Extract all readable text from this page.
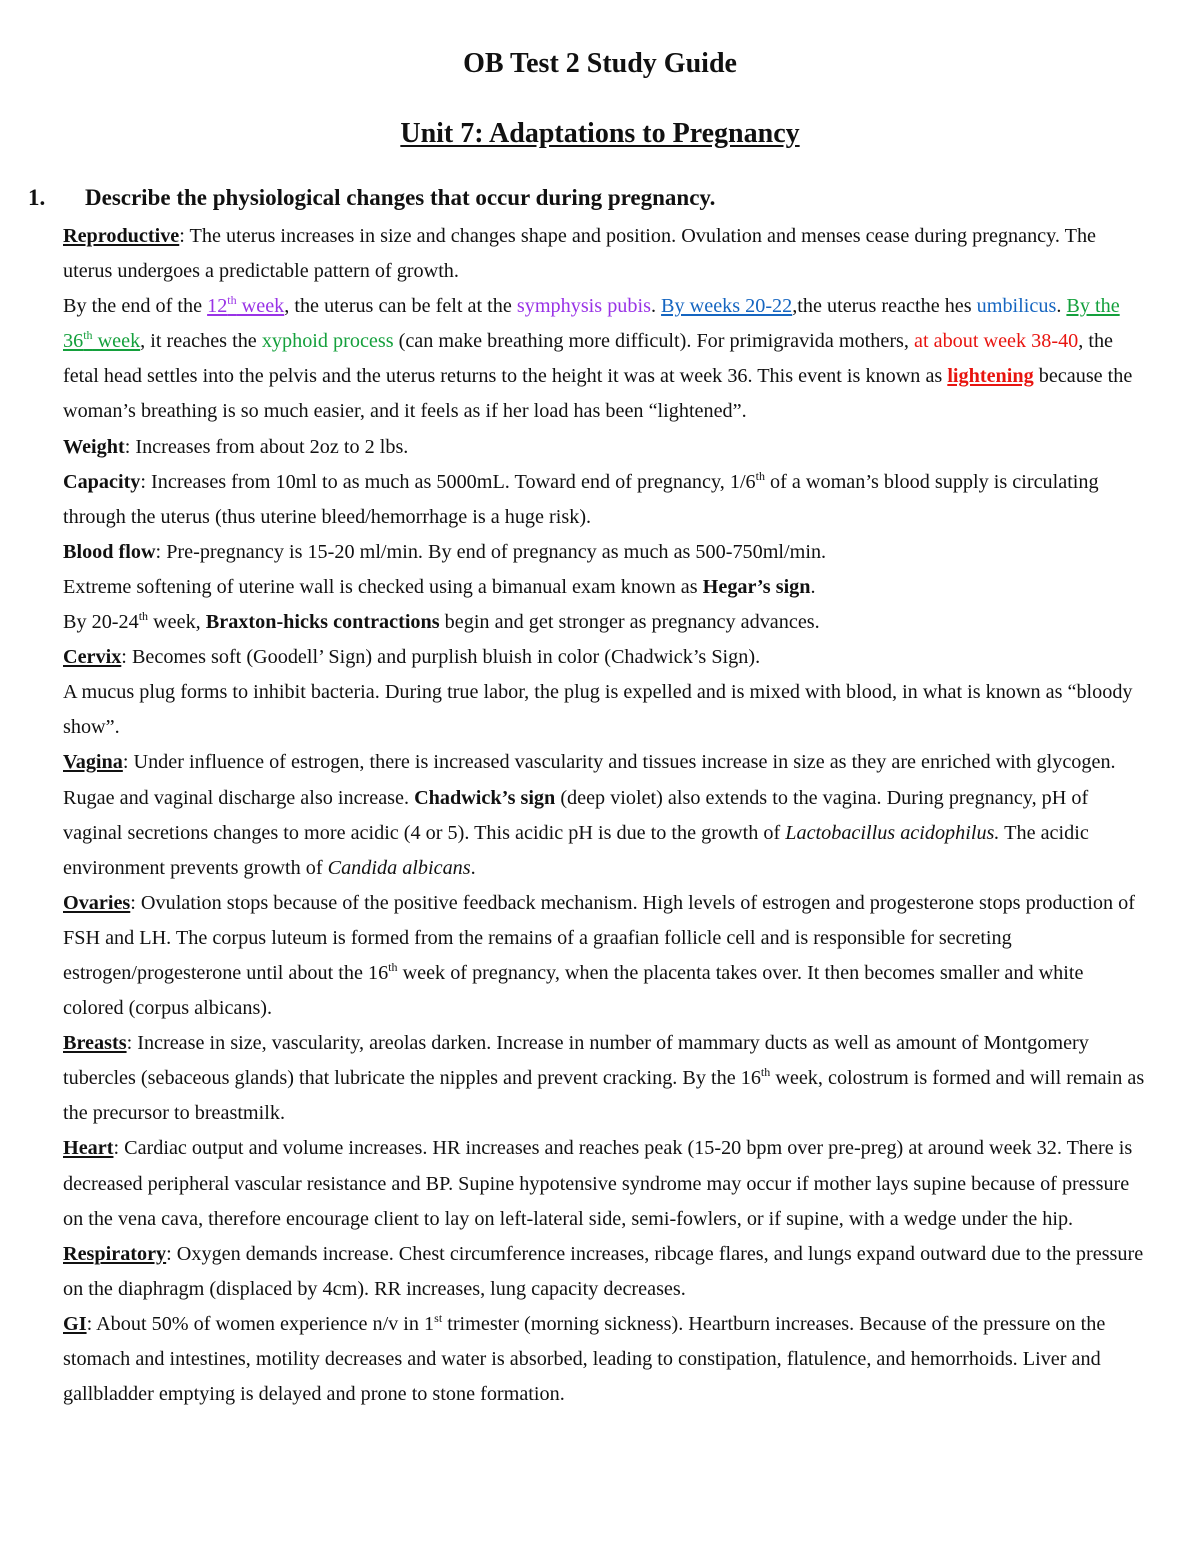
OB Test 2 Study Guide
Unit 7: Adaptations to Pregnancy
1. Describe the physiological changes that occur during pregnancy.

Reproductive: The uterus increases in size and changes shape and position. Ovulation and menses cease during pregnancy. The uterus undergoes a predictable pattern of growth.

By the end of the 12th week, the uterus can be felt at the symphysis pubis. By weeks 20-22,the uterus reacthe hes umbilicus. By the 36th week, it reaches the xyphoid process (can make breathing more difficult). For primigravida mothers, at about week 38-40, the fetal head settles into the pelvis and the uterus returns to the height it was at week 36. This event is known as lightening because the woman’s breathing is so much easier, and it feels as if her load has been “lightened”.

Weight: Increases from about 2oz to 2 lbs.

Capacity: Increases from 10ml to as much as 5000mL. Toward end of pregnancy, 1/6th of a woman’s blood supply is circulating through the uterus (thus uterine bleed/hemorrhage is a huge risk).

Blood flow: Pre-pregnancy is 15-20 ml/min. By end of pregnancy as much as 500-750ml/min.

Extreme softening of uterine wall is checked using a bimanual exam known as Hegar’s sign.

By 20-24th week, Braxton-hicks contractions begin and get stronger as pregnancy advances.

Cervix: Becomes soft (Goodell’ Sign) and purplish bluish in color (Chadwick’s Sign).

A mucus plug forms to inhibit bacteria. During true labor, the plug is expelled and is mixed with blood, in what is known as “bloody show”.

Vagina: Under influence of estrogen, there is increased vascularity and tissues increase in size as they are enriched with glycogen. Rugae and vaginal discharge also increase. Chadwick’s sign (deep violet) also extends to the vagina. During pregnancy, pH of vaginal secretions changes to more acidic (4 or 5). This acidic pH is due to the growth of Lactobacillus acidophilus. The acidic environment prevents growth of Candida albicans.

Ovaries: Ovulation stops because of the positive feedback mechanism. High levels of estrogen and progesterone stops production of FSH and LH. The corpus luteum is formed from the remains of a graafian follicle cell and is responsible for secreting estrogen/progesterone until about the 16th week of pregnancy, when the placenta takes over. It then becomes smaller and white colored (corpus albicans).

Breasts: Increase in size, vascularity, areolas darken. Increase in number of mammary ducts as well as amount of Montgomery tubercles (sebaceous glands) that lubricate the nipples and prevent cracking. By the 16th week, colostrum is formed and will remain as the precursor to breastmilk.

Heart: Cardiac output and volume increases. HR increases and reaches peak (15-20 bpm over pre-preg) at around week 32. There is decreased peripheral vascular resistance and BP. Supine hypotensive syndrome may occur if mother lays supine because of pressure on the vena cava, therefore encourage client to lay on left-lateral side, semi-fowlers, or if supine, with a wedge under the hip.

Respiratory: Oxygen demands increase. Chest circumference increases, ribcage flares, and lungs expand outward due to the pressure on the diaphragm (displaced by 4cm). RR increases, lung capacity decreases.

GI: About 50% of women experience n/v in 1st trimester (morning sickness). Heartburn increases. Because of the pressure on the stomach and intestines, motility decreases and water is absorbed, leading to constipation, flatulence, and hemorrhoids. Liver and gallbladder emptying is delayed and prone to stone formation.
